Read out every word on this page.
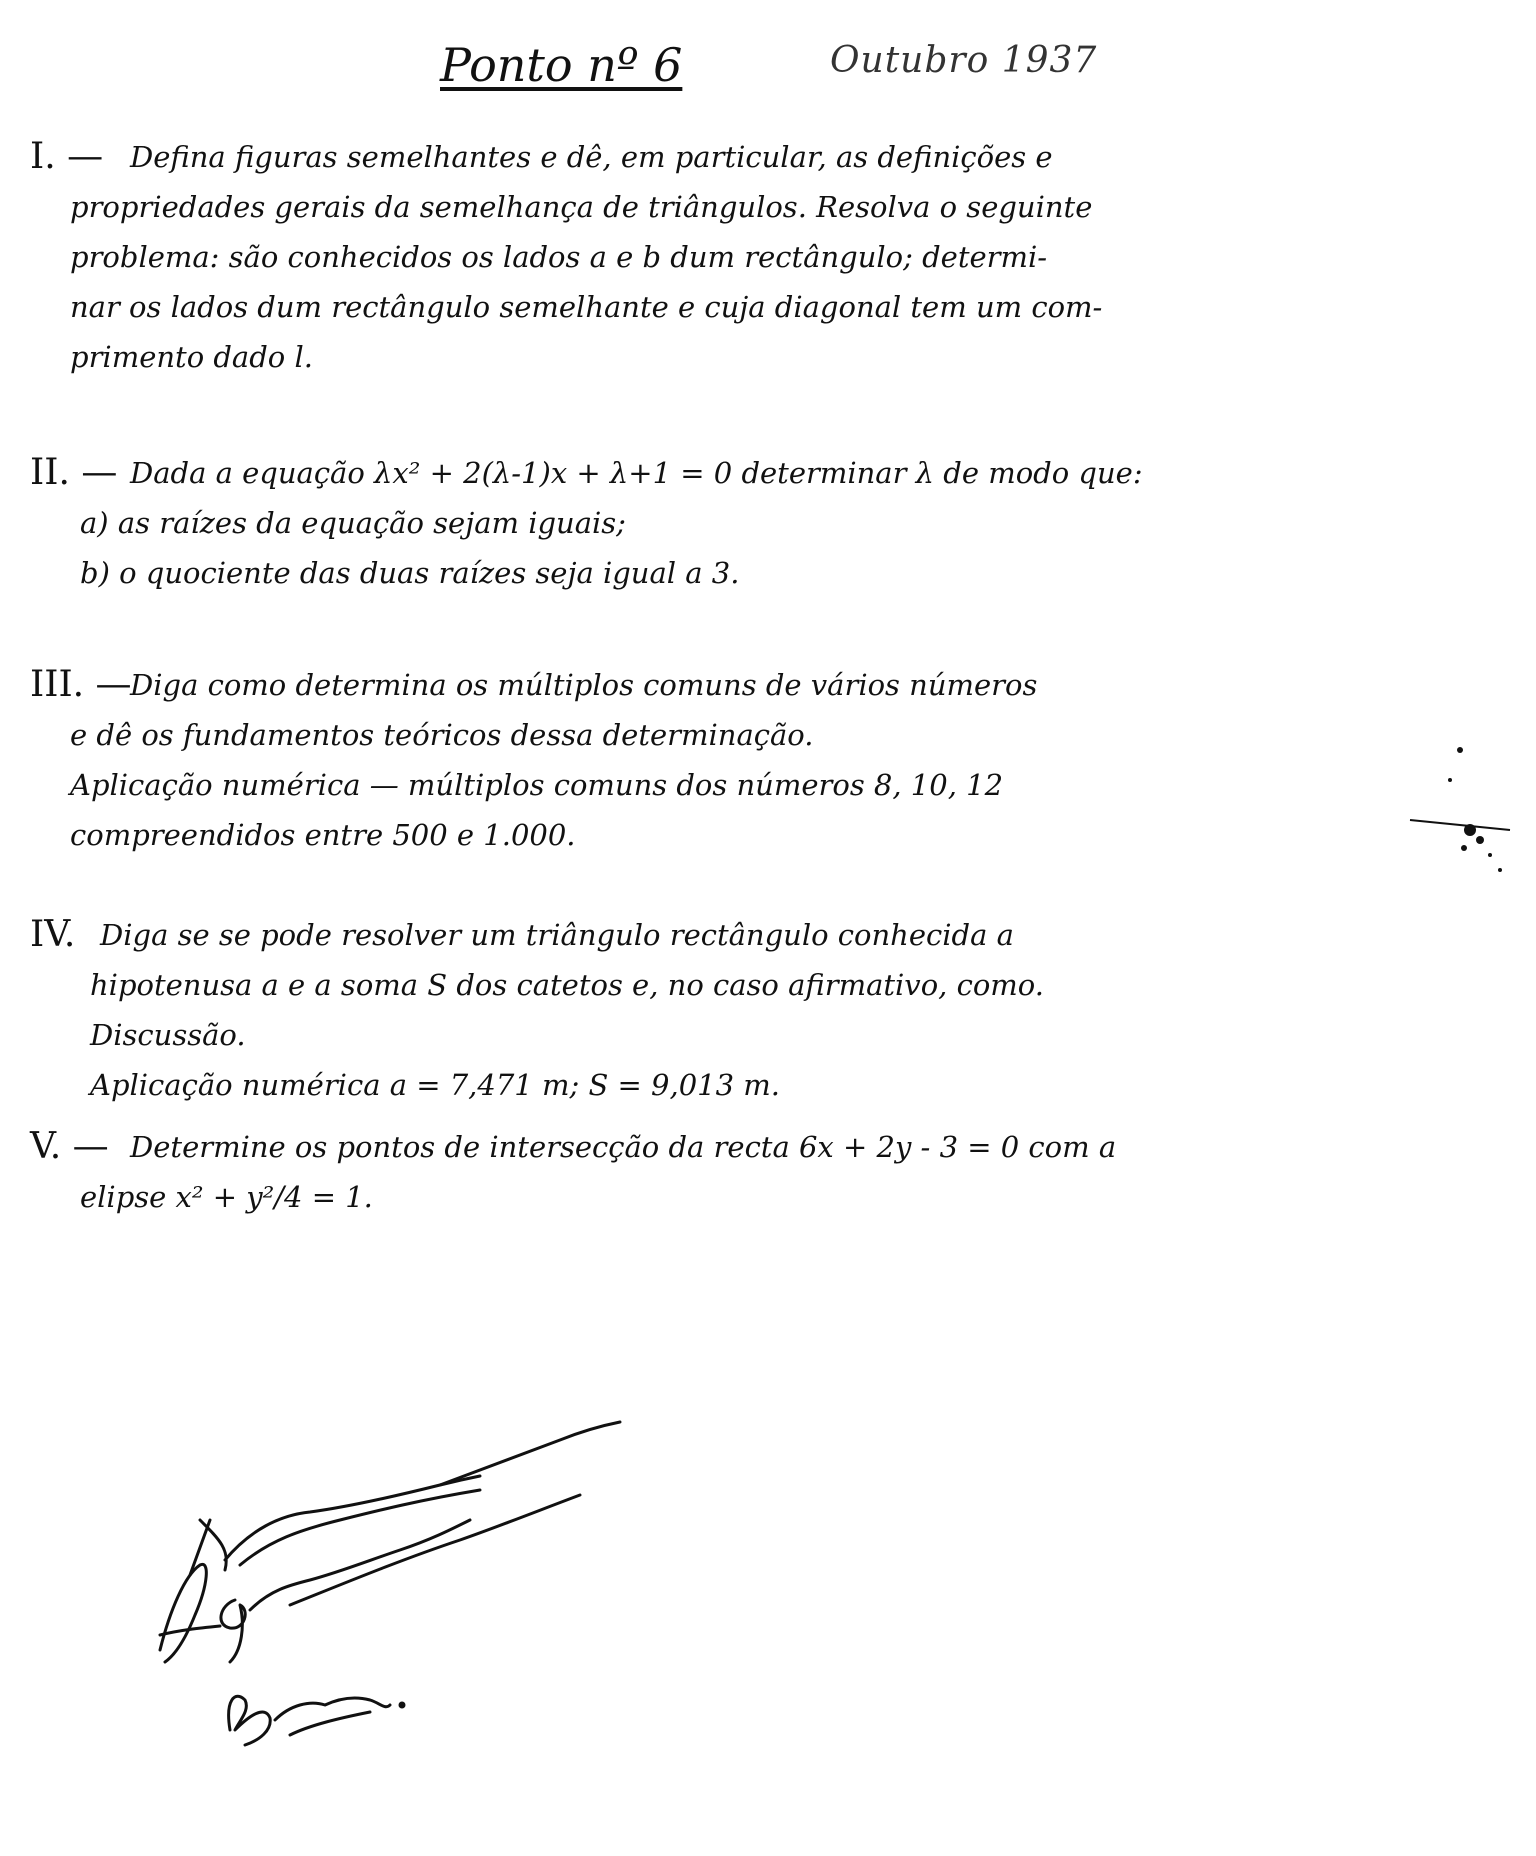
Ponto nº 6	Outubro 1937
I. — Defina figuras semelhantes e dê, em particular, as definições e
propriedades gerais da semelhança de triângulos. Resolva o seguinte
problema: são conhecidos os lados a e b dum rectângulo; determi-
nar os lados dum rectângulo semelhante e cuja diagonal tem um com-
primento dado l.
II. — Dada a equação λx² + 2(λ-1)x + λ+1 = 0 determinar λ de modo que:
a) as raízes da equação sejam iguais;
b) o quociente das duas raízes seja igual a 3.
III. —
Diga como determina os múltiplos comuns de vários números
e dê os fundamentos teóricos dessa determinação.
Aplicação numérica — múltiplos comuns dos números 8, 10, 12
compreendidos entre 500 e 1.000.
IV. Diga se se pode resolver um triângulo rectângulo conhecida a
hipotenusa a e a soma S dos catetos e, no caso afirmativo, como.
Discussão.
Aplicação numérica a = 7,471 m; S = 9,013 m.
V. — Determine os pontos de intersecção da recta 6x + 2y - 3 = 0 com a
elipse x² + y²/4 = 1.
